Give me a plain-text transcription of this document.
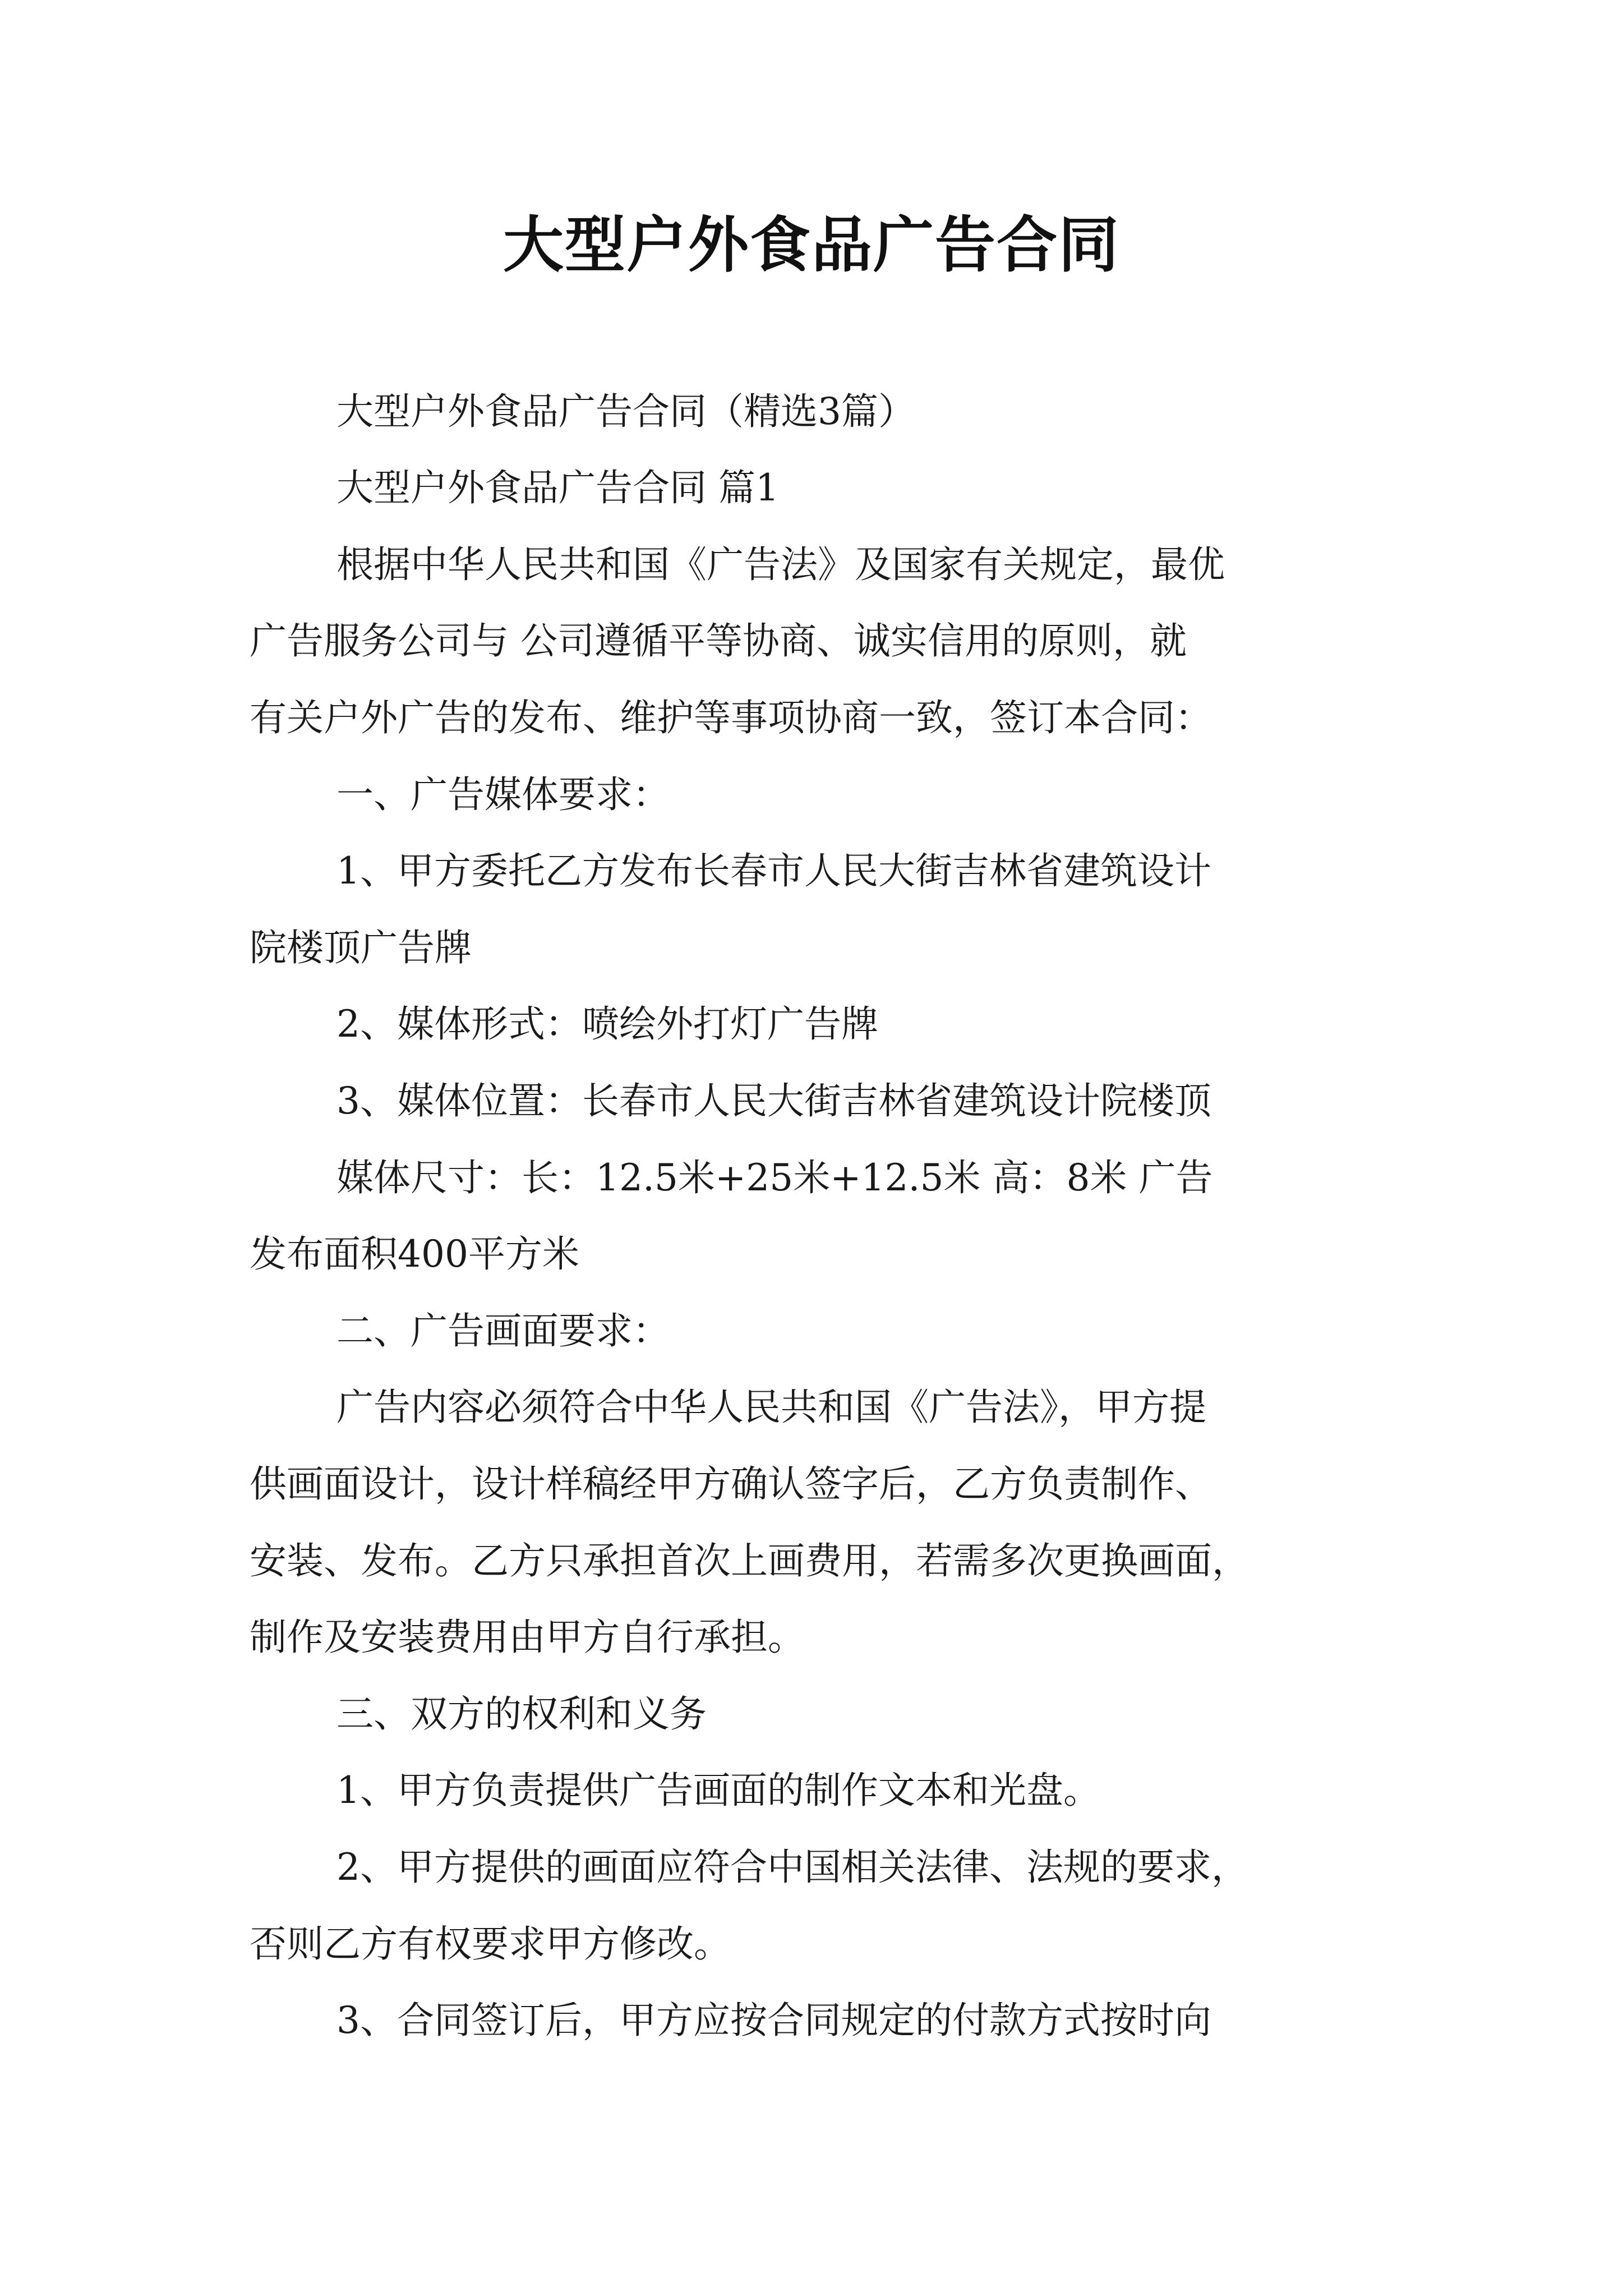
大型户外食品广告合同
大型户外食品广告合同（精选3篇）
大型户外食品广告合同 篇1
根据中华人民共和国《广告法》及国家有关规定，最优
广告服务公司与 公司遵循平等协商、诚实信用的原则，就
有关户外广告的发布、维护等事项协商一致，签订本合同：
一、广告媒体要求：
1、甲方委托乙方发布长春市人民大街吉林省建筑设计
院楼顶广告牌
2、媒体形式：喷绘外打灯广告牌
3、媒体位置：长春市人民大街吉林省建筑设计院楼顶
媒体尺寸：长：12.5米+25米+12.5米 高：8米 广告
发布面积400平方米
二、广告画面要求：
广告内容必须符合中华人民共和国《广告法》，甲方提
供画面设计，设计样稿经甲方确认签字后，乙方负责制作、
安装、发布。乙方只承担首次上画费用，若需多次更换画面，
制作及安装费用由甲方自行承担。
三、双方的权利和义务
1、甲方负责提供广告画面的制作文本和光盘。
2、甲方提供的画面应符合中国相关法律、法规的要求，
否则乙方有权要求甲方修改。
3、合同签订后，甲方应按合同规定的付款方式按时向
